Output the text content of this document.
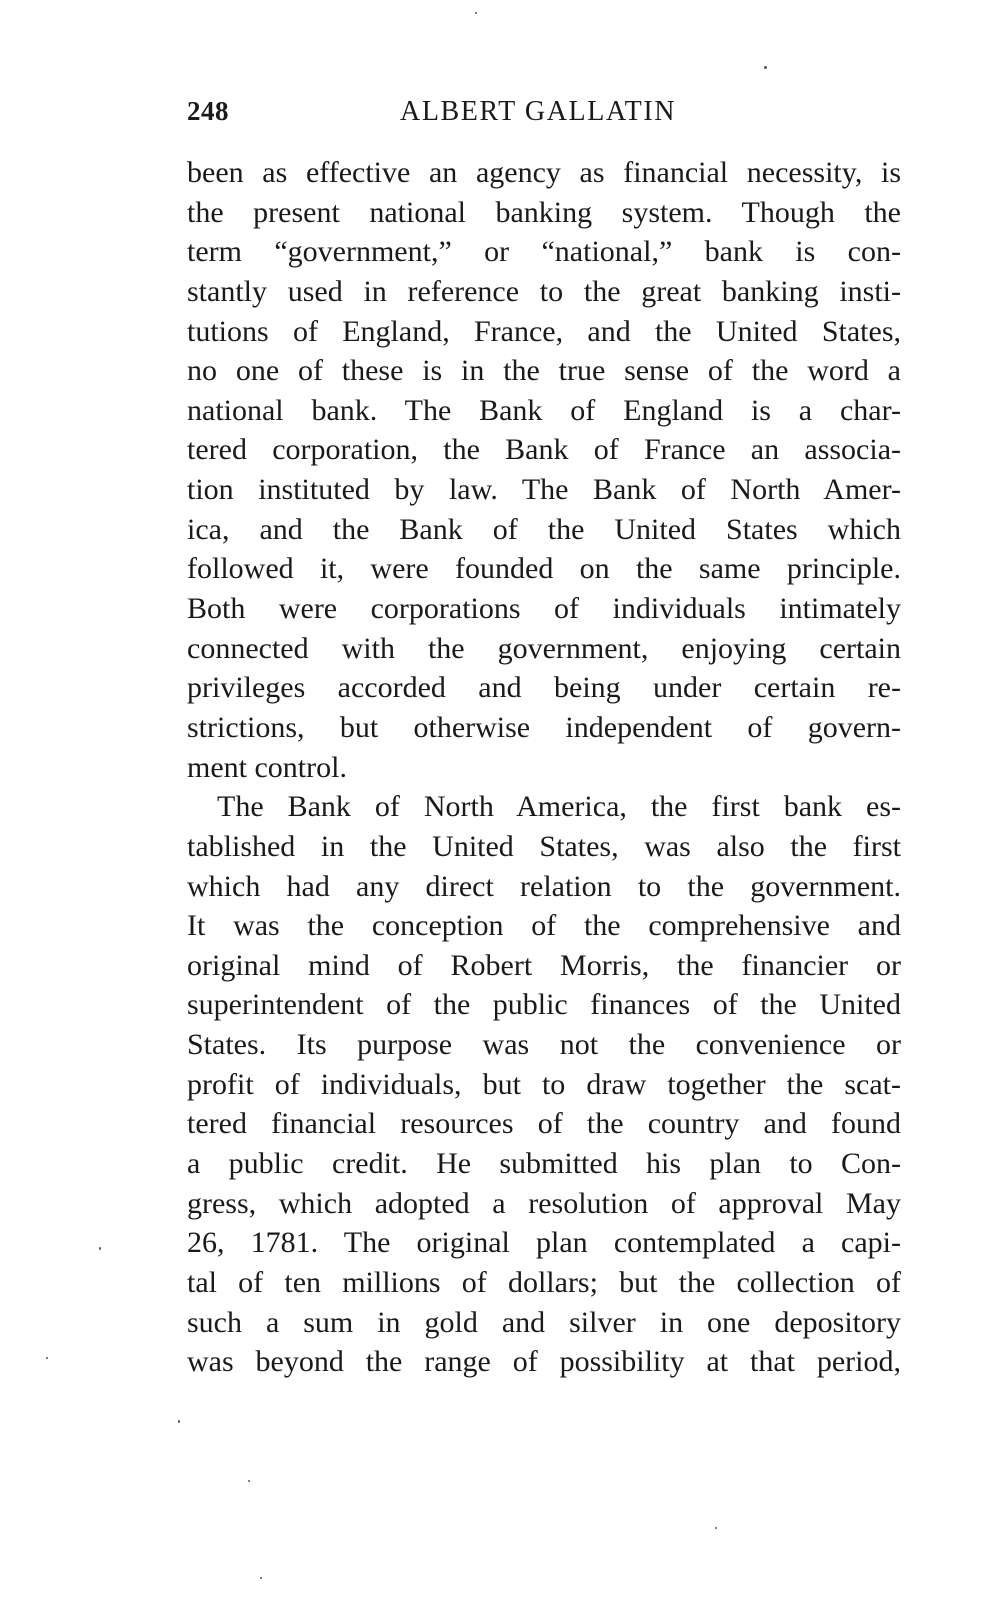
248	ALBERT GALLATIN
been as effective an agency as financial necessity, is
the present national banking system. Though the
term “government,” or “national,” bank is con-
stantly used in reference to the great banking insti-
tutions of England, France, and the United States,
no one of these is in the true sense of the word a
national bank. The Bank of England is a char-
tered corporation, the Bank of France an associa-
tion instituted by law. The Bank of North Amer-
ica, and the Bank of the United States which
followed it, were founded on the same principle.
Both were corporations of individuals intimately
connected with the government, enjoying certain
privileges accorded and being under certain re-
strictions, but otherwise independent of govern-
ment control.
The Bank of North America, the first bank es-
tablished in the United States, was also the first
which had any direct relation to the government.
It was the conception of the comprehensive and
original mind of Robert Morris, the financier or
superintendent of the public finances of the United
States. Its purpose was not the convenience or
profit of individuals, but to draw together the scat-
tered financial resources of the country and found
a public credit. He submitted his plan to Con-
gress, which adopted a resolution of approval May
26, 1781. The original plan contemplated a capi-
tal of ten millions of dollars; but the collection of
such a sum in gold and silver in one depository
was beyond the range of possibility at that period,
